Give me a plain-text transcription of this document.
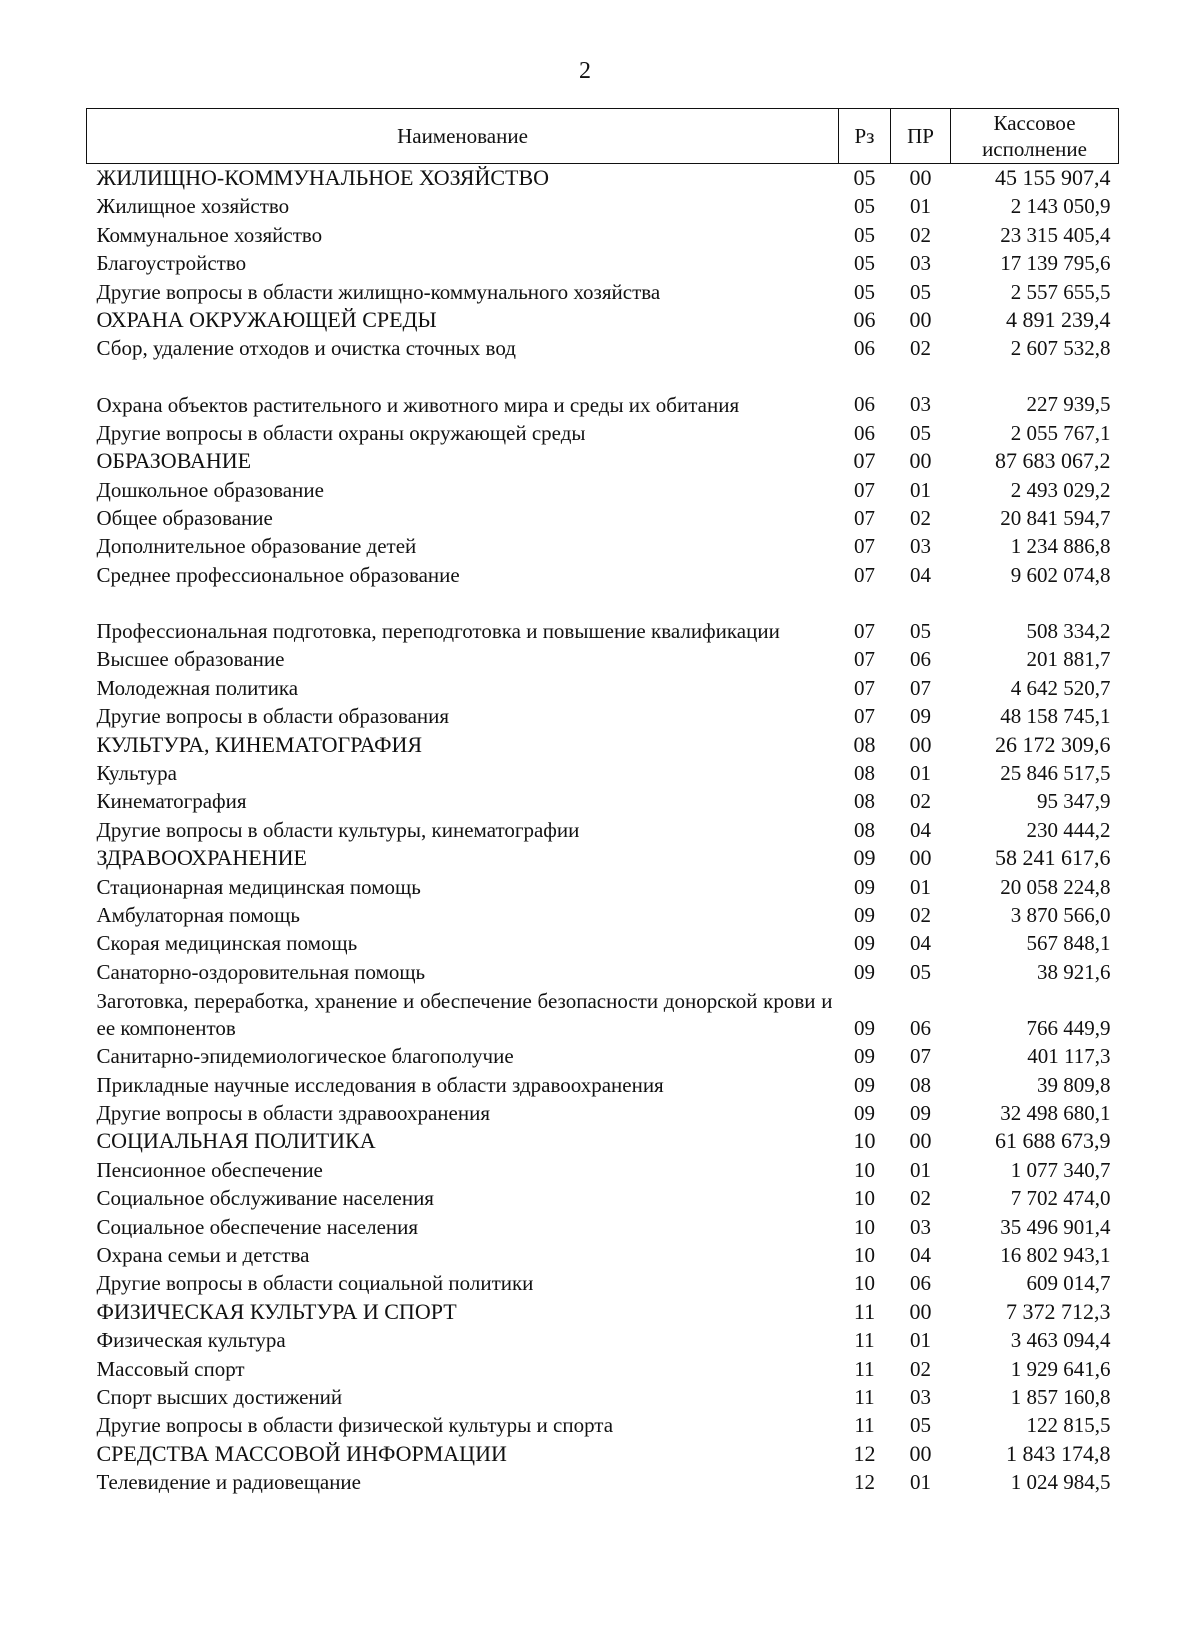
2
Наименование	Рз	ПР	Кассовое
исполнение
ЖИЛИЩНО-КОММУНАЛЬНОЕ ХОЗЯЙСТВО	05	00	45 155 907,4
Жилищное хозяйство	05	01	2 143 050,9
Коммунальное хозяйство	05	02	23 315 405,4
Благоустройство	05	03	17 139 795,6
Другие вопросы в области жилищно-коммунального хозяйства	05	05	2 557 655,5
ОХРАНА ОКРУЖАЮЩЕЙ СРЕДЫ	06	00	4 891 239,4
Сбор, удаление отходов и очистка сточных вод	06	02	2 607 532,8
Охрана объектов растительного и животного мира и среды их обитания	06	03	227 939,5
Другие вопросы в области охраны окружающей среды	06	05	2 055 767,1
ОБРАЗОВАНИЕ	07	00	87 683 067,2
Дошкольное образование	07	01	2 493 029,2
Общее образование	07	02	20 841 594,7
Дополнительное образование детей	07	03	1 234 886,8
Среднее профессиональное образование	07	04	9 602 074,8
Профессиональная подготовка, переподготовка и повышение квалификации	07	05	508 334,2
Высшее образование	07	06	201 881,7
Молодежная политика	07	07	4 642 520,7
Другие вопросы в области образования	07	09	48 158 745,1
КУЛЬТУРА, КИНЕМАТОГРАФИЯ	08	00	26 172 309,6
Культура	08	01	25 846 517,5
Кинематография	08	02	95 347,9
Другие вопросы в области культуры, кинематографии	08	04	230 444,2
ЗДРАВООХРАНЕНИЕ	09	00	58 241 617,6
Стационарная медицинская помощь	09	01	20 058 224,8
Амбулаторная помощь	09	02	3 870 566,0
Скорая медицинская помощь	09	04	567 848,1
Санаторно-оздоровительная помощь	09	05	38 921,6
Заготовка, переработка, хранение и обеспечение безопасности донорской крови и ее компонентов	09	06	766 449,9
Санитарно-эпидемиологическое благополучие	09	07	401 117,3
Прикладные научные исследования в области здравоохранения	09	08	39 809,8
Другие вопросы в области здравоохранения	09	09	32 498 680,1
СОЦИАЛЬНАЯ ПОЛИТИКА	10	00	61 688 673,9
Пенсионное обеспечение	10	01	1 077 340,7
Социальное обслуживание населения	10	02	7 702 474,0
Социальное обеспечение населения	10	03	35 496 901,4
Охрана семьи и детства	10	04	16 802 943,1
Другие вопросы в области социальной политики	10	06	609 014,7
ФИЗИЧЕСКАЯ КУЛЬТУРА И СПОРТ	11	00	7 372 712,3
Физическая культура	11	01	3 463 094,4
Массовый спорт	11	02	1 929 641,6
Спорт высших достижений	11	03	1 857 160,8
Другие вопросы в области физической культуры и спорта	11	05	122 815,5
СРЕДСТВА МАССОВОЙ ИНФОРМАЦИИ	12	00	1 843 174,8
Телевидение и радиовещание	12	01	1 024 984,5
